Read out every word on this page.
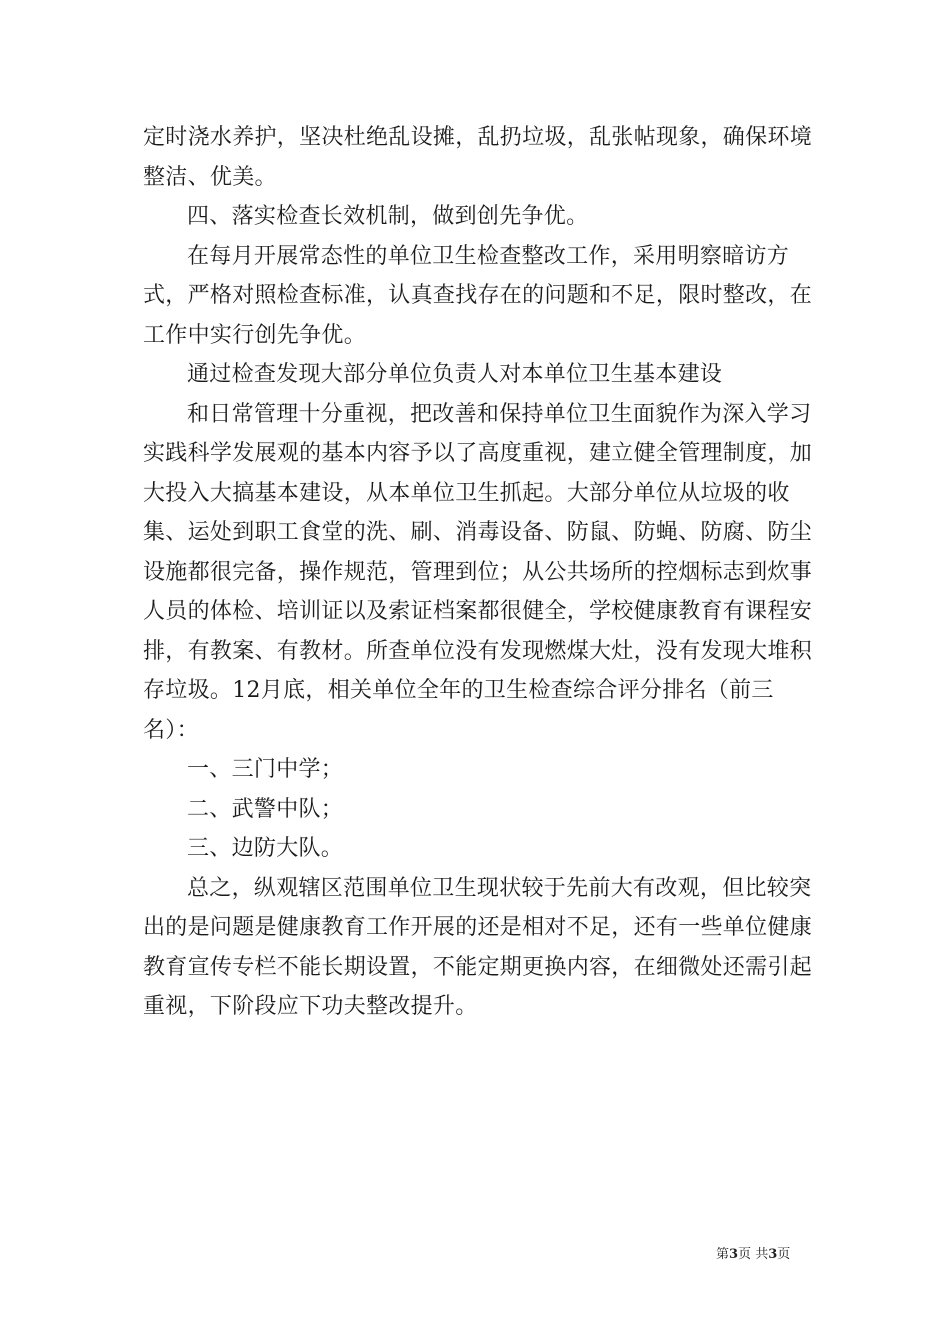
定时浇水养护，坚决杜绝乱设摊，乱扔垃圾，乱张帖现象，确保环境整洁、优美。

四、落实检查长效机制，做到创先争优。

在每月开展常态性的单位卫生检查整改工作，采用明察暗访方式，严格对照检查标准，认真查找存在的问题和不足，限时整改，在工作中实行创先争优。

通过检查发现大部分单位负责人对本单位卫生基本建设

和日常管理十分重视，把改善和保持单位卫生面貌作为深入学习实践科学发展观的基本内容予以了高度重视，建立健全管理制度，加大投入大搞基本建设，从本单位卫生抓起。大部分单位从垃圾的收集、运处到职工食堂的洗、刷、消毒设备、防鼠、防蝇、防腐、防尘设施都很完备，操作规范，管理到位；从公共场所的控烟标志到炊事人员的体检、培训证以及索证档案都很健全，学校健康教育有课程安排，有教案、有教材。所查单位没有发现燃煤大灶，没有发现大堆积存垃圾。12月底，相关单位全年的卫生检查综合评分排名（前三名）：

一、三门中学；

二、武警中队；

三、边防大队。

总之，纵观辖区范围单位卫生现状较于先前大有改观，但比较突出的是问题是健康教育工作开展的还是相对不足，还有一些单位健康教育宣传专栏不能长期设置，不能定期更换内容，在细微处还需引起重视，下阶段应下功夫整改提升。

第3页 共3页
